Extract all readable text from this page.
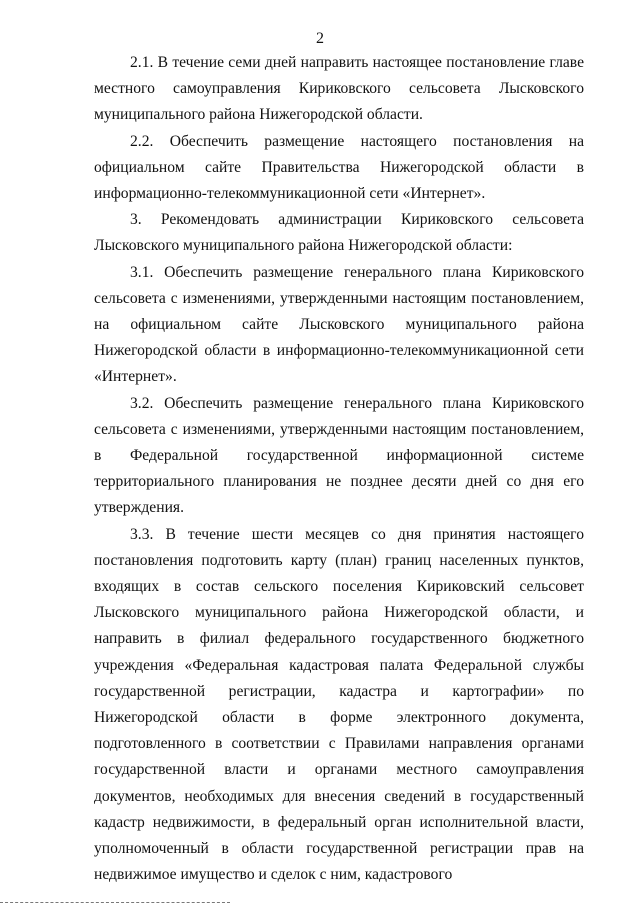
2

2.1. В течение семи дней направить настоящее постановление главе местного самоуправления Кириковского сельсовета Лысковского муниципального района Нижегородской области.

2.2. Обеспечить размещение настоящего постановления на официальном сайте Правительства Нижегородской области в информационно-телекоммуникационной сети «Интернет».

3. Рекомендовать администрации Кириковского сельсовета Лысковского муниципального района Нижегородской области:

3.1. Обеспечить размещение генерального плана Кириковского сельсовета с изменениями, утвержденными настоящим постановлением, на официальном сайте Лысковского муниципального района Нижегородской области в информационно-телекоммуникационной сети «Интернет».

3.2. Обеспечить размещение генерального плана Кириковского сельсовета с изменениями, утвержденными настоящим постановлением, в Федеральной государственной информационной системе территориального планирования не позднее десяти дней со дня его утверждения.

3.3. В течение шести месяцев со дня принятия настоящего постановления подготовить карту (план) границ населенных пунктов, входящих в состав сельского поселения Кириковский сельсовет Лысковского муниципального района Нижегородской области, и направить в филиал федерального государственного бюджетного учреждения «Федеральная кадастровая палата Федеральной службы государственной регистрации, кадастра и картографии» по Нижегородской области в форме электронного документа, подготовленного в соответствии с Правилами направления органами государственной власти и органами местного самоуправления документов, необходимых для внесения сведений в государственный кадастр недвижимости, в федеральный орган исполнительной власти, уполномоченный в области государственной регистрации прав на недвижимое имущество и сделок с ним, кадастрового
